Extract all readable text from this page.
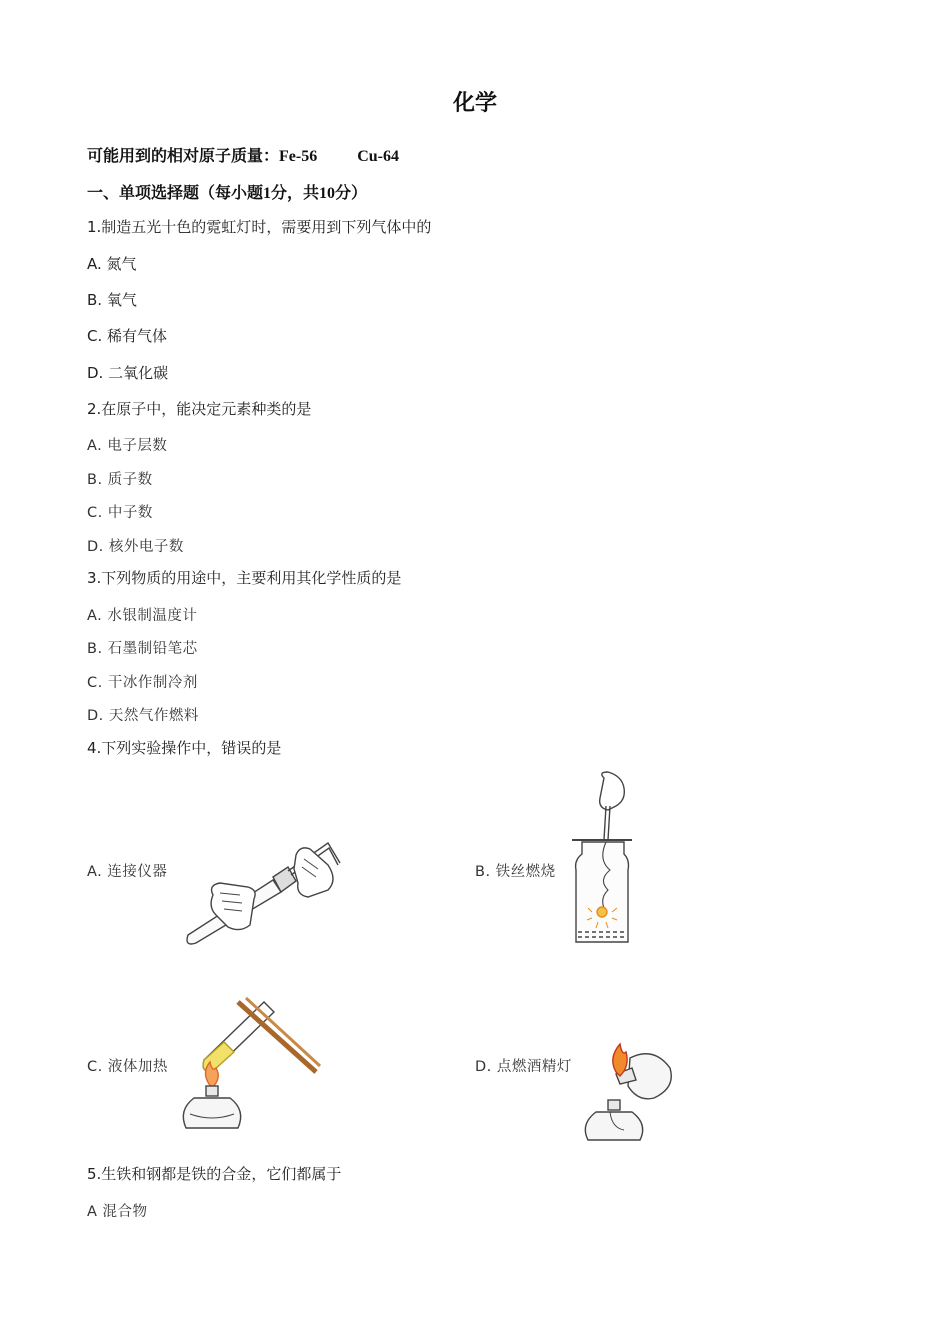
化学
可能用到的相对原子质量：Fe-56	Cu-64
一、单项选择题（每小题1分，共10分）
1.制造五光十色的霓虹灯时，需要用到下列气体中的
A. 氮气
B. 氧气
C. 稀有气体
D. 二氧化碳
2.在原子中，能决定元素种类的是
A. 电子层数
B. 质子数
C. 中子数
D. 核外电子数
3.下列物质的用途中，主要利用其化学性质的是
A. 水银制温度计
B. 石墨制铅笔芯
C. 干冰作制冷剂
D. 天然气作燃料
4.下列实验操作中，错误的是
A. 连接仪器	B. 铁丝燃烧
C. 液体加热	D. 点燃酒精灯
5.生铁和钢都是铁的合金，它们都属于
A 混合物
